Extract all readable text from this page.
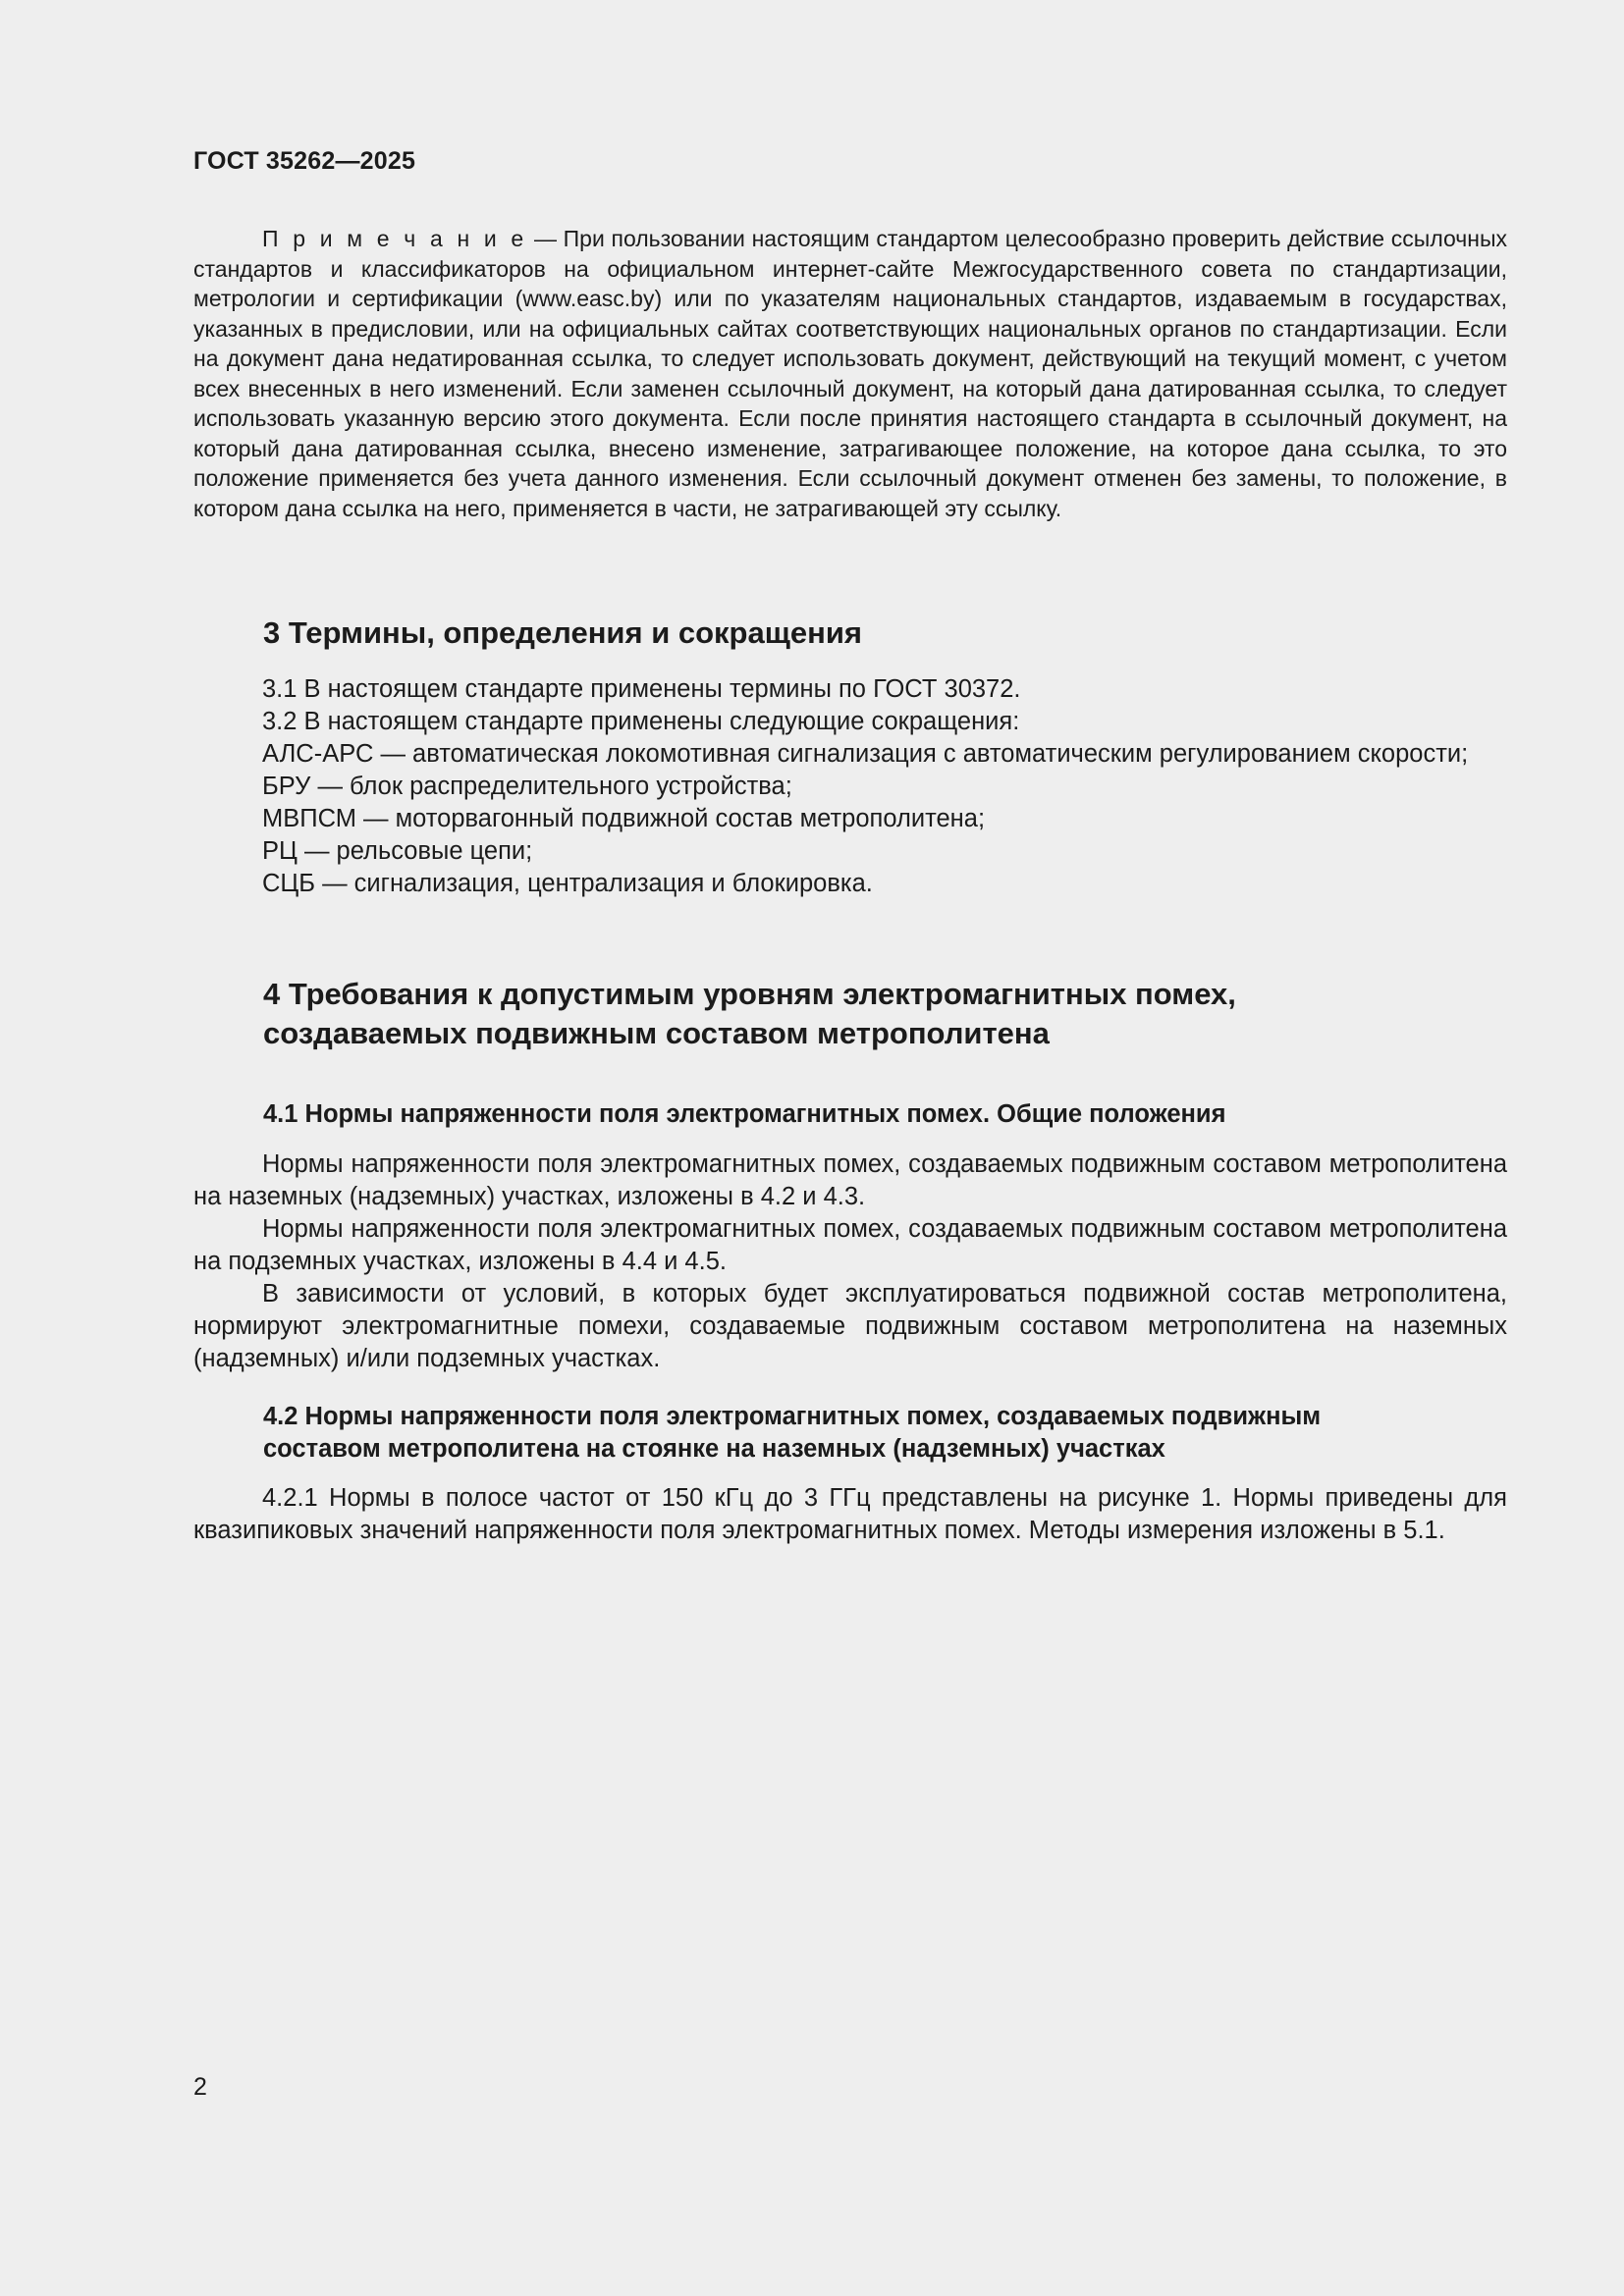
ГОСТ 35262—2025

П р и м е ч а н и е — При пользовании настоящим стандартом целесообразно проверить действие ссылочных стандартов и классификаторов на официальном интернет-сайте Межгосударственного совета по стандартизации, метрологии и сертификации (www.easc.by) или по указателям национальных стандартов, издаваемым в государствах, указанных в предисловии, или на официальных сайтах соответствующих национальных органов по стандартизации. Если на документ дана недатированная ссылка, то следует использовать документ, действующий на текущий момент, с учетом всех внесенных в него изменений. Если заменен ссылочный документ, на который дана датированная ссылка, то следует использовать указанную версию этого документа. Если после принятия настоящего стандарта в ссылочный документ, на который дана датированная ссылка, внесено изменение, затрагивающее положение, на которое дана ссылка, то это положение применяется без учета данного изменения. Если ссылочный документ отменен без замены, то положение, в котором дана ссылка на него, применяется в части, не затрагивающей эту ссылку.

3 Термины, определения и сокращения

3.1 В настоящем стандарте применены термины по ГОСТ 30372.

3.2 В настоящем стандарте применены следующие сокращения:

АЛС-АРС — автоматическая локомотивная сигнализация с автоматическим регулированием скорости;

БРУ — блок распределительного устройства;

МВПСМ — моторвагонный подвижной состав метрополитена;

РЦ — рельсовые цепи;

СЦБ — сигнализация, централизация и блокировка.

4 Требования к допустимым уровням электромагнитных помех,
создаваемых подвижным составом метрополитена
4.1 Нормы напряженности поля электромагнитных помех. Общие положения

Нормы напряженности поля электромагнитных помех, создаваемых подвижным составом метрополитена на наземных (надземных) участках, изложены в 4.2 и 4.3.

Нормы напряженности поля электромагнитных помех, создаваемых подвижным составом метрополитена на подземных участках, изложены в 4.4 и 4.5.

В зависимости от условий, в которых будет эксплуатироваться подвижной состав метрополитена, нормируют электромагнитные помехи, создаваемые подвижным составом метрополитена на наземных (надземных) и/или подземных участках.

4.2 Нормы напряженности поля электромагнитных помех, создаваемых подвижным
составом метрополитена на стоянке на наземных (надземных) участках

4.2.1 Нормы в полосе частот от 150 кГц до 3 ГГц представлены на рисунке 1. Нормы приведены для квазипиковых значений напряженности поля электромагнитных помех. Методы измерения изложены в 5.1.

2
